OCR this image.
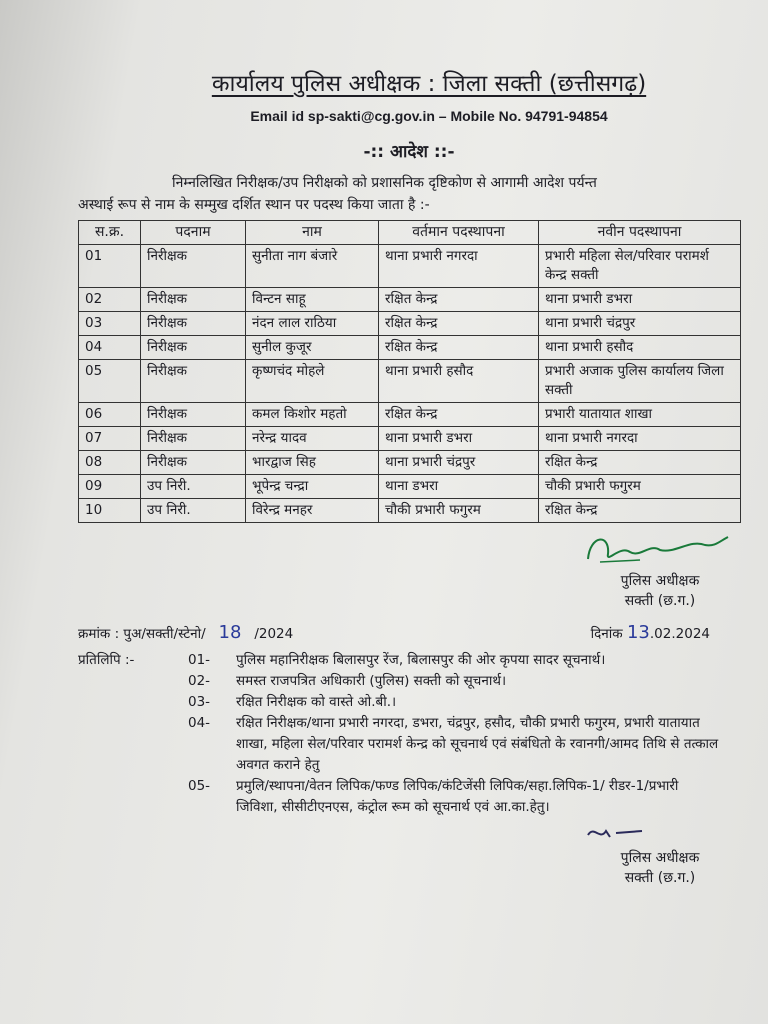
कार्यालय पुलिस अधीक्षक : जिला सक्ती (छत्तीसगढ़)
Email id sp-sakti@cg.gov.in – Mobile No. 94791-94854
-:: आदेश ::-
निम्नलिखित निरीक्षक/उप निरीक्षको को प्रशासनिक दृष्टिकोण से आगामी आदेश पर्यन्त
अस्थाई रूप से नाम के सम्मुख दर्शित स्थान पर पदस्थ किया जाता है :-
स.क्र.	पदनाम	नाम	वर्तमान पदस्थापना	नवीन पदस्थापना
01	निरीक्षक	सुनीता नाग बंजारे	थाना प्रभारी नगरदा	प्रभारी महिला सेल/परिवार परामर्श केन्द्र सक्ती
02	निरीक्षक	विन्टन साहू	रक्षित केन्द्र	थाना प्रभारी डभरा
03	निरीक्षक	नंदन लाल राठिया	रक्षित केन्द्र	थाना प्रभारी चंद्रपुर
04	निरीक्षक	सुनील कुजूर	रक्षित केन्द्र	थाना प्रभारी हसौद
05	निरीक्षक	कृष्णचंद मोहले	थाना प्रभारी हसौद	प्रभारी अजाक पुलिस कार्यालय जिला सक्ती
06	निरीक्षक	कमल किशोर महतो	रक्षित केन्द्र	प्रभारी यातायात शाखा
07	निरीक्षक	नरेन्द्र यादव	थाना प्रभारी डभरा	थाना प्रभारी नगरदा
08	निरीक्षक	भारद्वाज सिह	थाना प्रभारी चंद्रपुर	रक्षित केन्द्र
09	उप निरी.	भूपेन्द्र चन्द्रा	थाना डभरा	चौकी प्रभारी फगुरम
10	उप निरी.	विरेन्द्र मनहर	चौकी प्रभारी फगुरम	रक्षित केन्द्र
पुलिस अधीक्षक
सक्ती (छ.ग.)
क्रमांक : पुअ/सक्ती/स्टेनो/ 18 /2024	दिनांक 13.02.2024
प्रतिलिपि :-	01-	पुलिस महानिरीक्षक बिलासपुर रेंज, बिलासपुर की ओर कृपया सादर सूचनार्थ।
02-	समस्त राजपत्रित अधिकारी (पुलिस) सक्ती को सूचनार्थ।
03-	रक्षित निरीक्षक को वास्ते ओ.बी.।
04-	रक्षित निरीक्षक/थाना प्रभारी नगरदा, डभरा, चंद्रपुर, हसौद, चौकी प्रभारी फगुरम, प्रभारी यातायात शाखा, महिला सेल/परिवार परामर्श केन्द्र को सूचनार्थ एवं संबंधितो के रवानगी/आमद तिथि से तत्काल अवगत कराने हेतु
05-	प्रमुलि/स्थापना/वेतन लिपिक/फण्ड लिपिक/कंटिजेंसी लिपिक/सहा.लिपिक-1/ रीडर-1/प्रभारी जिविशा, सीसीटीएनएस, कंट्रोल रूम को सूचनार्थ एवं आ.का.हेतु।
पुलिस अधीक्षक
सक्ती (छ.ग.)
